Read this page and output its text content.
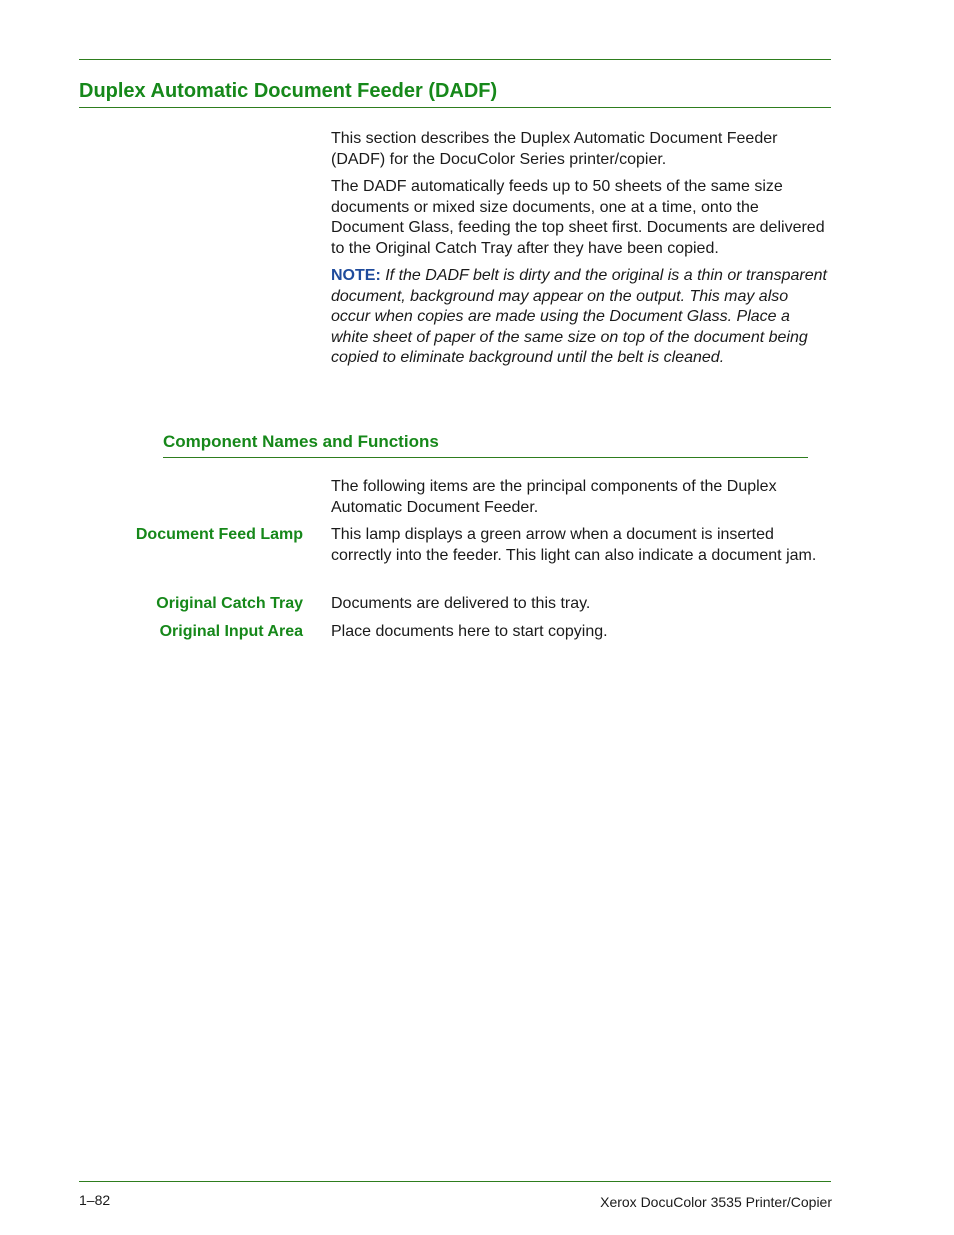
Duplex Automatic Document Feeder (DADF)

This section describes the Duplex Automatic Document Feeder (DADF) for the DocuColor Series printer/copier.

The DADF automatically feeds up to 50 sheets of the same size documents or mixed size documents, one at a time, onto the Document Glass, feeding the top sheet first. Documents are delivered to the Original Catch Tray after they have been copied.

NOTE: If the DADF belt is dirty and the original is a thin or transparent document, background may appear on the output. This may also occur when copies are made using the Document Glass. Place a white sheet of paper of the same size on top of the document being copied to eliminate background until the belt is cleaned.

Component Names and Functions

The following items are the principal components of the Duplex Automatic Document Feeder.

Document Feed Lamp This lamp displays a green arrow when a document is inserted correctly into the feeder. This light can also indicate a document jam.

Original Catch Tray Documents are delivered to this tray.

Original Input Area Place documents here to start copying.

1–82	Xerox DocuColor 3535 Printer/Copier
